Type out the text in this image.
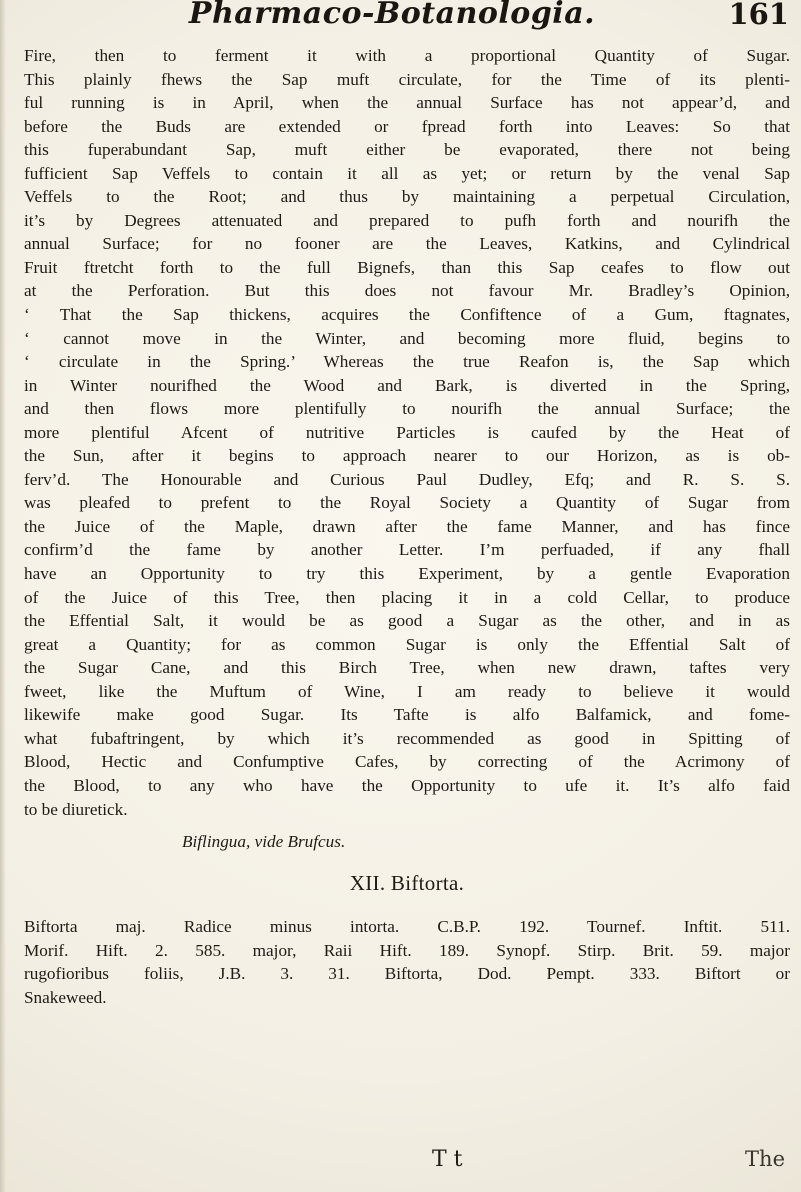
Pharmaco-Botanologia.	161

Fire, then to ferment it with a proportional Quantity of Sugar.

This plainly fhews the Sap muft circulate, for the Time of its plenti-

ful running is in April, when the annual Surface has not appear’d, and

before the Buds are extended or fpread forth into Leaves: So that

this fuperabundant Sap, muft either be evaporated, there not being

fufficient Sap Veffels to contain it all as yet; or return by the venal Sap

Veffels to the Root; and thus by maintaining a perpetual Circulation,

it’s by Degrees attenuated and prepared to pufh forth and nourifh the

annual Surface; for no fooner are the Leaves, Katkins, and Cylindrical

Fruit ftretcht forth to the full Bignefs, than this Sap ceafes to flow out

at the Perforation. But this does not favour Mr. Bradley’s Opinion,

‘ That the Sap thickens, acquires the Confiftence of a Gum, ftagnates,

‘ cannot move in the Winter, and becoming more fluid, begins to

‘ circulate in the Spring.’ Whereas the true Reafon is, the Sap which

in Winter nourifhed the Wood and Bark, is diverted in the Spring,

and then flows more plentifully to nourifh the annual Surface; the

more plentiful Afcent of nutritive Particles is caufed by the Heat of

the Sun, after it begins to approach nearer to our Horizon, as is ob-

ferv’d. The Honourable and Curious Paul Dudley, Efq; and R. S. S.

was pleafed to prefent to the Royal Society a Quantity of Sugar from

the Juice of the Maple, drawn after the fame Manner, and has fince

confirm’d the fame by another Letter. I’m perfuaded, if any fhall

have an Opportunity to try this Experiment, by a gentle Evaporation

of the Juice of this Tree, then placing it in a cold Cellar, to produce

the Effential Salt, it would be as good a Sugar as the other, and in as

great a Quantity; for as common Sugar is only the Effential Salt of

the Sugar Cane, and this Birch Tree, when new drawn, taftes very

fweet, like the Muftum of Wine, I am ready to believe it would

likewife make good Sugar. Its Tafte is alfo Balfamick, and fome-

what fubaftringent, by which it’s recommended as good in Spitting of

Blood, Hectic and Confumptive Cafes, by correcting of the Acrimony of

the Blood, to any who have the Opportunity to ufe it. It’s alfo faid

to be diuretick.

Biflingua, vide Brufcus.

XII. Biftorta.

Biftorta maj. Radice minus intorta. C.B.P. 192. Tournef. Inftit. 511.

Morif. Hift. 2. 585. major, Raii Hift. 189. Synopf. Stirp. Brit. 59. major

rugofioribus foliis, J.B. 3. 31. Biftorta, Dod. Pempt. 333. Biftort or

Snakeweed.

T t	The
